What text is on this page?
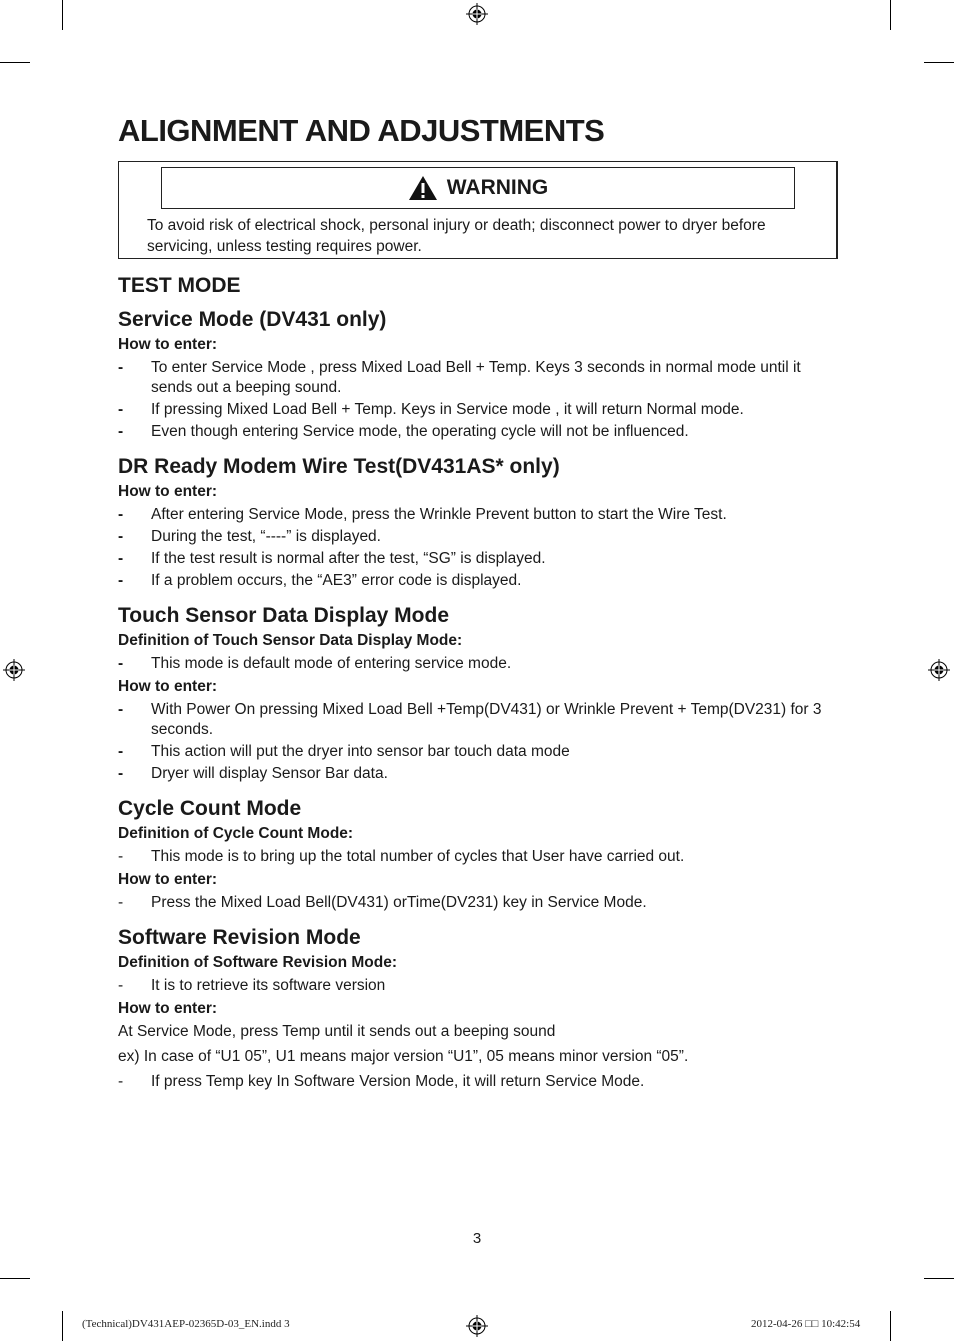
ALIGNMENT AND ADJUSTMENTS
WARNING
To avoid risk of electrical shock, personal injury or death; disconnect power to dryer before servicing, unless testing requires power.
TEST MODE
Service Mode (DV431 only)
How to enter:
- To enter Service Mode , press Mixed Load Bell + Temp. Keys 3 seconds in normal mode until it sends out a beeping sound.
- If pressing Mixed Load Bell + Temp. Keys in Service mode , it will return Normal mode.
- Even though entering Service mode, the operating cycle will not be influenced.
DR Ready Modem Wire Test(DV431AS* only)
How to enter:
- After entering Service Mode, press the Wrinkle Prevent button to start the Wire Test.
- During the test, “----” is displayed.
- If the test result is normal after the test, “SG” is displayed.
- If a problem occurs, the “AE3” error code is displayed.
Touch Sensor Data Display Mode
Definition of Touch Sensor Data Display Mode:
- This mode is default mode of entering service mode.
How to enter:
- With Power On pressing Mixed Load Bell +Temp(DV431) or Wrinkle Prevent + Temp(DV231) for 3 seconds.
- This action will put the dryer into sensor bar touch data mode
- Dryer will display Sensor Bar data.
Cycle Count Mode
Definition of Cycle Count Mode:
- This mode is to bring up the total number of cycles that User have carried out.
How to enter:
- Press the Mixed Load Bell(DV431) orTime(DV231) key in Service Mode.
Software Revision Mode
Definition of Software Revision Mode:
- It is to retrieve its software version
How to enter:
At Service Mode, press Temp until it sends out a beeping sound
ex) In case of “U1 05”, U1 means major version “U1”, 05 means minor version “05”.
- If press Temp key In Software Version Mode, it will return Service Mode.
3
(Technical)DV431AEP-02365D-03_EN.indd 3	2012-04-26 □□ 10:42:54
